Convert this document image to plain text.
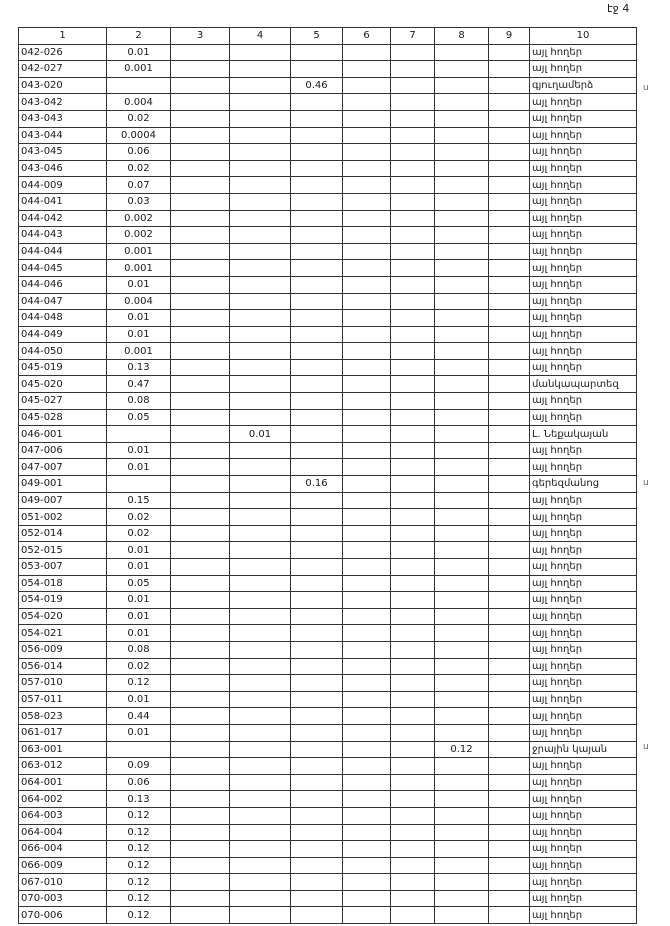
էջ 4
1	2	3	4	5	6	7	8	9	10
042-026	0.01								այլ հողեր
042-027	0.001								այլ հողեր
043-020				0.46					գյուղամերձ
043-042	0.004								այլ հողեր
043-043	0.02								այլ հողեր
043-044	0.0004								այլ հողեր
043-045	0.06								այլ հողեր
043-046	0.02								այլ հողեր
044-009	0.07								այլ հողեր
044-041	0.03								այլ հողեր
044-042	0.002								այլ հողեր
044-043	0.002								այլ հողեր
044-044	0.001								այլ հողեր
044-045	0.001								այլ հողեր
044-046	0.01								այլ հողեր
044-047	0.004								այլ հողեր
044-048	0.01								այլ հողեր
044-049	0.01								այլ հողեր
044-050	0.001								այլ հողեր
045-019	0.13								այլ հողեր
045-020	0.47								մանկապարտեզ
045-027	0.08								այլ հողեր
045-028	0.05								այլ հողեր
046-001			0.01						Լ. Նեքակայան
047-006	0.01								այլ հողեր
047-007	0.01								այլ հողեր
049-001				0.16					գերեզմանոց
049-007	0.15								այլ հողեր
051-002	0.02								այլ հողեր
052-014	0.02								այլ հողեր
052-015	0.01								այլ հողեր
053-007	0.01								այլ հողեր
054-018	0.05								այլ հողեր
054-019	0.01								այլ հողեր
054-020	0.01								այլ հողեր
054-021	0.01								այլ հողեր
056-009	0.08								այլ հողեր
056-014	0.02								այլ հողեր
057-010	0.12								այլ հողեր
057-011	0.01								այլ հողեր
058-023	0.44								այլ հողեր
061-017	0.01								այլ հողեր
063-001							0.12		ջրային կայան
063-012	0.09								այլ հողեր
064-001	0.06								այլ հողեր
064-002	0.13								այլ հողեր
064-003	0.12								այլ հողեր
064-004	0.12								այլ հողեր
066-004	0.12								այլ հողեր
066-009	0.12								այլ հողեր
067-010	0.12								այլ հողեր
070-003	0.12								այլ հողեր
070-006	0.12								այլ հողեր
ս
ս
ս
